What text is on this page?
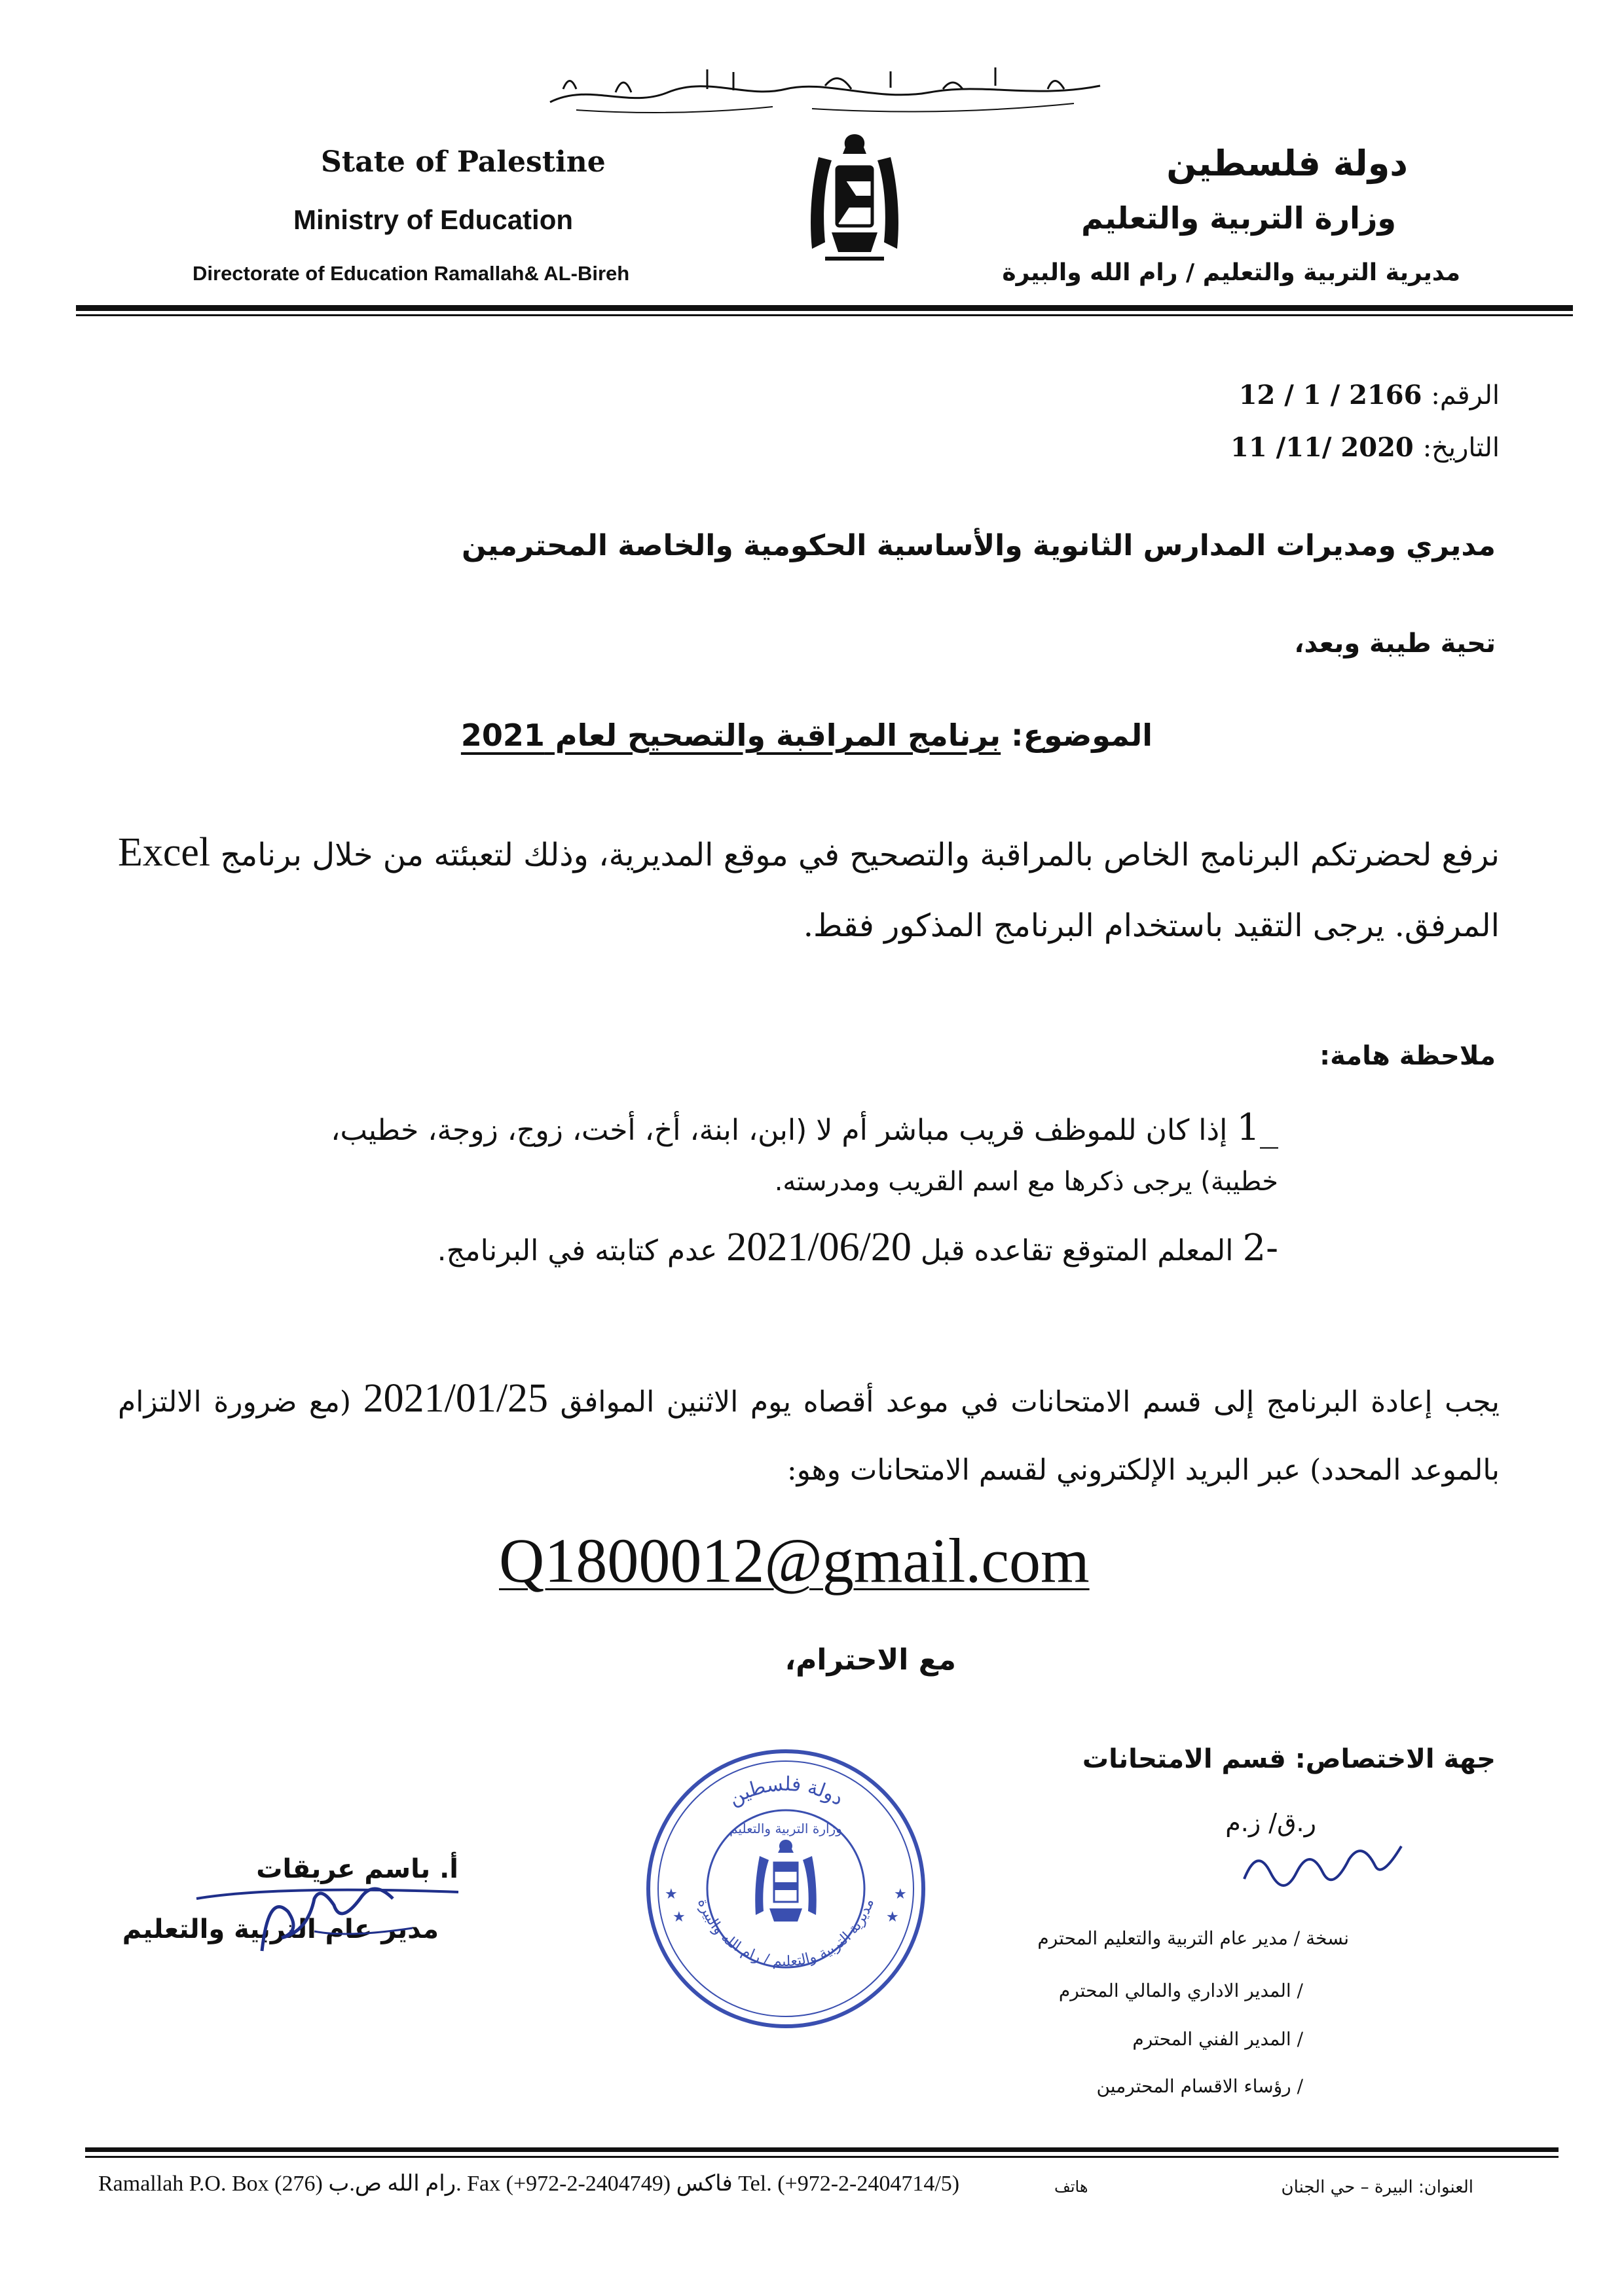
State of Palestine
Ministry of Education
Directorate of Education Ramallah& AL-Bireh
دولة فلسطين
وزارة التربية والتعليم
مديرية التربية والتعليم / رام الله والبيرة
الرقم: 12 / 1 / 2166
التاريخ: 11 /11/ 2020
مديري ومديرات المدارس الثانوية والأساسية الحكومية والخاصة المحترمين
تحية طيبة وبعد،
الموضوع: برنامج المراقبة والتصحيح لعام 2021
نرفع لحضرتكم البرنامج الخاص بالمراقبة والتصحيح في موقع المديرية، وذلك لتعبئته من خلال برنامج Excel المرفق. يرجى التقيد باستخدام البرنامج المذكور فقط.
ملاحظة هامة:
1_ إذا كان للموظف قريب مباشر أم لا (ابن، ابنة، أخ، أخت، زوج، زوجة، خطيب،
خطيبة) يرجى ذكرها مع اسم القريب ومدرسته.
2- المعلم المتوقع تقاعده قبل 2021/06/20 عدم كتابته في البرنامج.
يجب إعادة البرنامج إلى قسم الامتحانات في موعد أقصاه يوم الاثنين الموافق 2021/01/25 (مع ضرورة الالتزام بالموعد المحدد) عبر البريد الإلكتروني لقسم الامتحانات وهو:
Q1800012@gmail.com
مع الاحترام،
جهة الاختصاص: قسم الامتحانات
ر.ق/ ز.م
نسخة / مدير عام التربية والتعليم المحترم
/ المدير الاداري والمالي المحترم
/ المدير الفني المحترم
/ رؤساء الاقسام المحترمين
دولة فلسطين
مديرية التربية والتعليم / رام الله والبيرة
وزارة التربية والتعليم
★
★
★
★
أ. باسم عريقات
مدير عام التربية والتعليم
Ramallah P.O. Box (276) رام الله ص.ب. Fax (+972-2-2404749) فاكس Tel. (+972-2-2404714/5)	هاتف	العنوان: البيرة – حي الجنان
